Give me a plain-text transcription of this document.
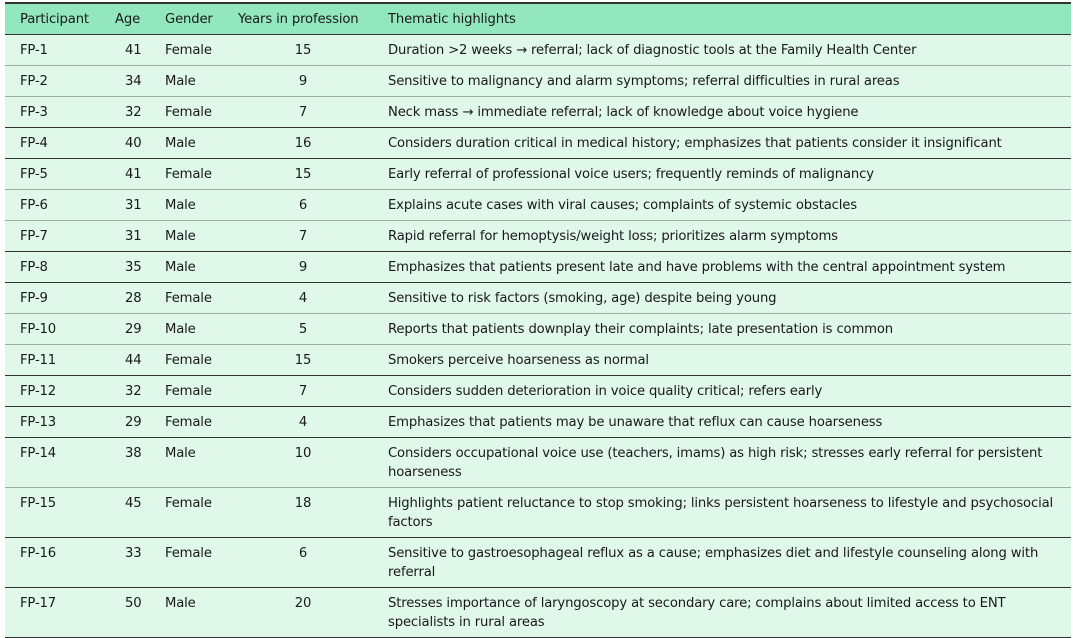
Participant	Age	Gender	Years in profession	Thematic highlights

FP-1	41	Female	15	Duration >2 weeks → referral; lack of diagnostic tools at the Family Health Center

FP-2	34	Male	9	Sensitive to malignancy and alarm symptoms; referral difficulties in rural areas

FP-3	32	Female	7	Neck mass → immediate referral; lack of knowledge about voice hygiene

FP-4	40	Male	16	Considers duration critical in medical history; emphasizes that patients consider it insignificant

FP-5	41	Female	15	Early referral of professional voice users; frequently reminds of malignancy

FP-6	31	Male	6	Explains acute cases with viral causes; complaints of systemic obstacles

FP-7	31	Male	7	Rapid referral for hemoptysis/weight loss; prioritizes alarm symptoms

FP-8	35	Male	9	Emphasizes that patients present late and have problems with the central appointment system

FP-9	28	Female	4	Sensitive to risk factors (smoking, age) despite being young

FP-10	29	Male	5	Reports that patients downplay their complaints; late presentation is common

FP-11	44	Female	15	Smokers perceive hoarseness as normal

FP-12	32	Female	7	Considers sudden deterioration in voice quality critical; refers early

FP-13	29	Female	4	Emphasizes that patients may be unaware that reflux can cause hoarseness

FP-14	38	Male	10	Considers occupational voice use (teachers, imams) as high risk; stresses early referral for persistent hoarseness

FP-15	45	Female	18	Highlights patient reluctance to stop smoking; links persistent hoarseness to lifestyle and psychosocial factors

FP-16	33	Female	6	Sensitive to gastroesophageal reflux as a cause; emphasizes diet and lifestyle counseling along with referral

FP-17	50	Male	20	Stresses importance of laryngoscopy at secondary care; complains about limited access to ENT specialists in rural areas
